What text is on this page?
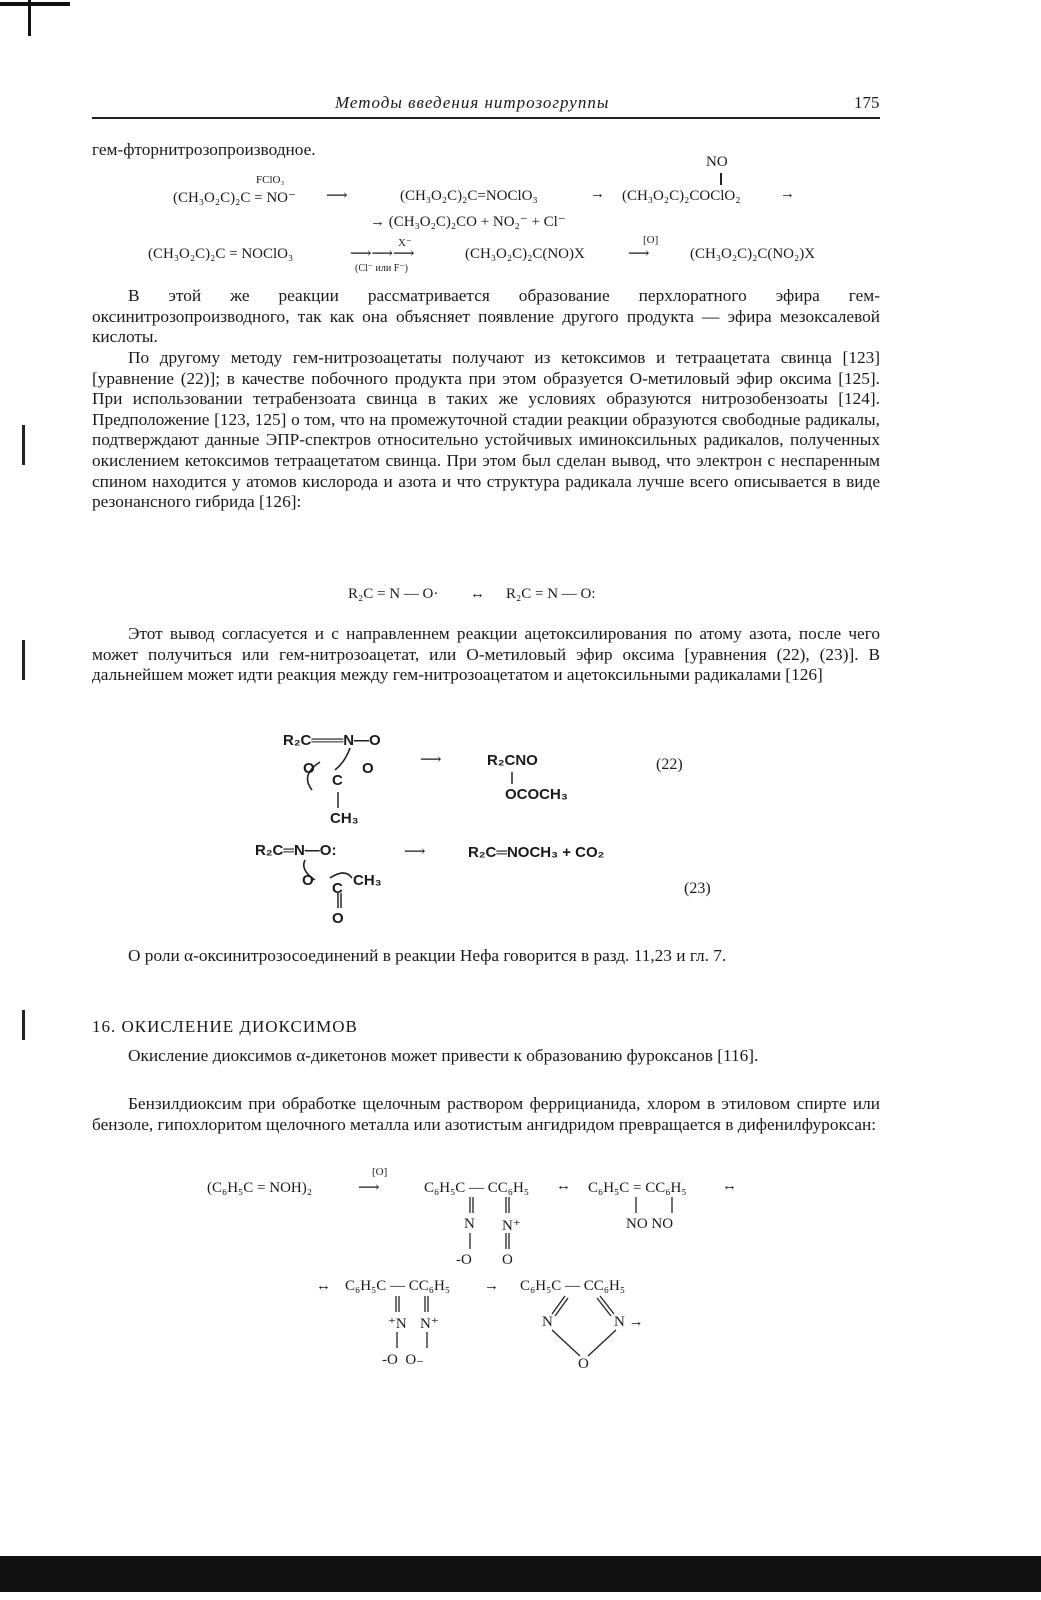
Методы введения нитрозогруппы	175
гем-фторнитрозопроизводное.
NO
FClO₃
(CH₃O₂C)₂C = NO⁻ ⟶	(CH₃O₂C)₂C=NOClO₃	→ (CH₃O₂C)₂COClO₂	→
→ (CH₃O₂C)₂CO + NO₂⁻ + Cl⁻
(CH₃O₂C)₂C = NOClO₃
X⁻
⟶⟶⟶
(Cl⁻ или F⁻)
(CH₃O₂C)₂C(NO)X
[O]
⟶	(CH₃O₂C)₂C(NO₂)X

В этой же реакции рассматривается образование перхлоратного эфира гем-оксинитрозопроизводного, так как она объясняет появление другого продукта — эфира мезоксалевой кислоты.

По другому методу гем-нитрозоацетаты получают из кетоксимов и тетраацетата свинца [123] [уравнение (22)]; в качестве побочного продукта при этом образуется О-метиловый эфир оксима [125]. При использовании тетрабензоата свинца в таких же условиях образуются нитрозобензоаты [124]. Предположение [123, 125] о том, что на промежуточной стадии реакции образуются свободные радикалы, подтверждают данные ЭПР-спектров относительно устойчивых иминоксильных радикалов, полученных окислением кетоксимов тетраацетатом свинца. При этом был сделан вывод, что электрон с неспаренным спином находится у атомов кислорода и азота и что структура радикала лучше всего описывается в виде резонансного гибрида [126]:

R₂C = N — O· ↔ R₂C = N — O:

Этот вывод согласуется и с направленнем реакции ацетоксилирования по атому азота, после чего может получиться или гем-нитрозоацетат, или О-метиловый эфир оксима [уравнения (22), (23)]. В дальнейшем может идти реакция между гем-нитрозоацетатом и ацетоксильными радикалами [126]

R₂C═══N—O
O
C
O
CH₃
⟶	R₂CNO
OCOCH₃
(22)
R₂C═N—O:
O C CH₃
O
⟶	R₂C═NOCH₃ + CO₂
(23)

О роли α-оксинитрозосоединений в реакции Нефа говорится в разд. 11,23 и гл. 7.

16. ОКИСЛЕНИЕ ДИОКСИМОВ

Окисление диоксимов α-дикетонов может привести к образованию фуроксанов [116].

Бензилдиоксим при обработке щелочным раствором феррицианида, хлором в этиловом спирте или бензоле, гипохлоритом щелочного металла или азотистым ангидридом превращается в дифенилфуроксан:

(C₆H₅C = NOH)₂
[O]
⟶	C₆H₅C — CC₆H₅
N N⁺
-O O
↔ C₆H₅C = CC₆H₅
NO NO
↔
↔ C₆H₅C — CC₆H₅
⁺N N⁺
-O  O₋
→ C₆H₅C — CC₆H₅
N	N →
O
